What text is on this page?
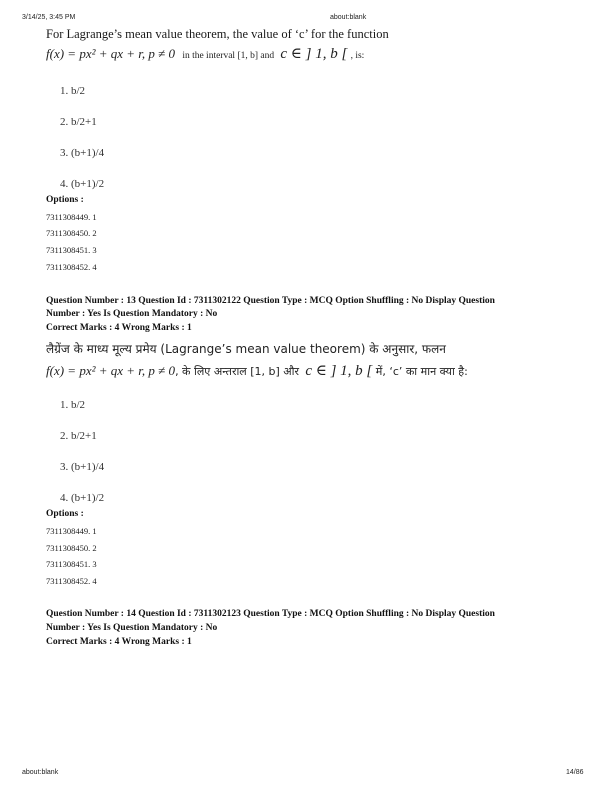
3/14/25, 3:45 PM	about:blank
For Lagrange’s mean value theorem, the value of ‘c’ for the function
f(x) = px² + qx + r, p ≠ 0 in the interval [1, b] and c ∈ ] 1, b [ , is:
1. b/2
2. b/2+1
3. (b+1)/4
4. (b+1)/2
Options :
7311308449. 1
7311308450. 2
7311308451. 3
7311308452. 4
Question Number : 13 Question Id : 7311302122 Question Type : MCQ Option Shuffling : No Display Question
Number : Yes Is Question Mandatory : No
Correct Marks : 4 Wrong Marks : 1
लैग्रेंज के माध्य मूल्य प्रमेय (Lagrange’s mean value theorem) के अनुसार, फलन
f(x) = px² + qx + r, p ≠ 0, के लिए अन्तराल [1, b] और c ∈ ] 1, b [ में, ‘c’ का मान क्या है:
1. b/2
2. b/2+1
3. (b+1)/4
4. (b+1)/2
Options :
7311308449. 1
7311308450. 2
7311308451. 3
7311308452. 4
Question Number : 14 Question Id : 7311302123 Question Type : MCQ Option Shuffling : No Display Question
Number : Yes Is Question Mandatory : No
Correct Marks : 4 Wrong Marks : 1
about:blank	14/86
